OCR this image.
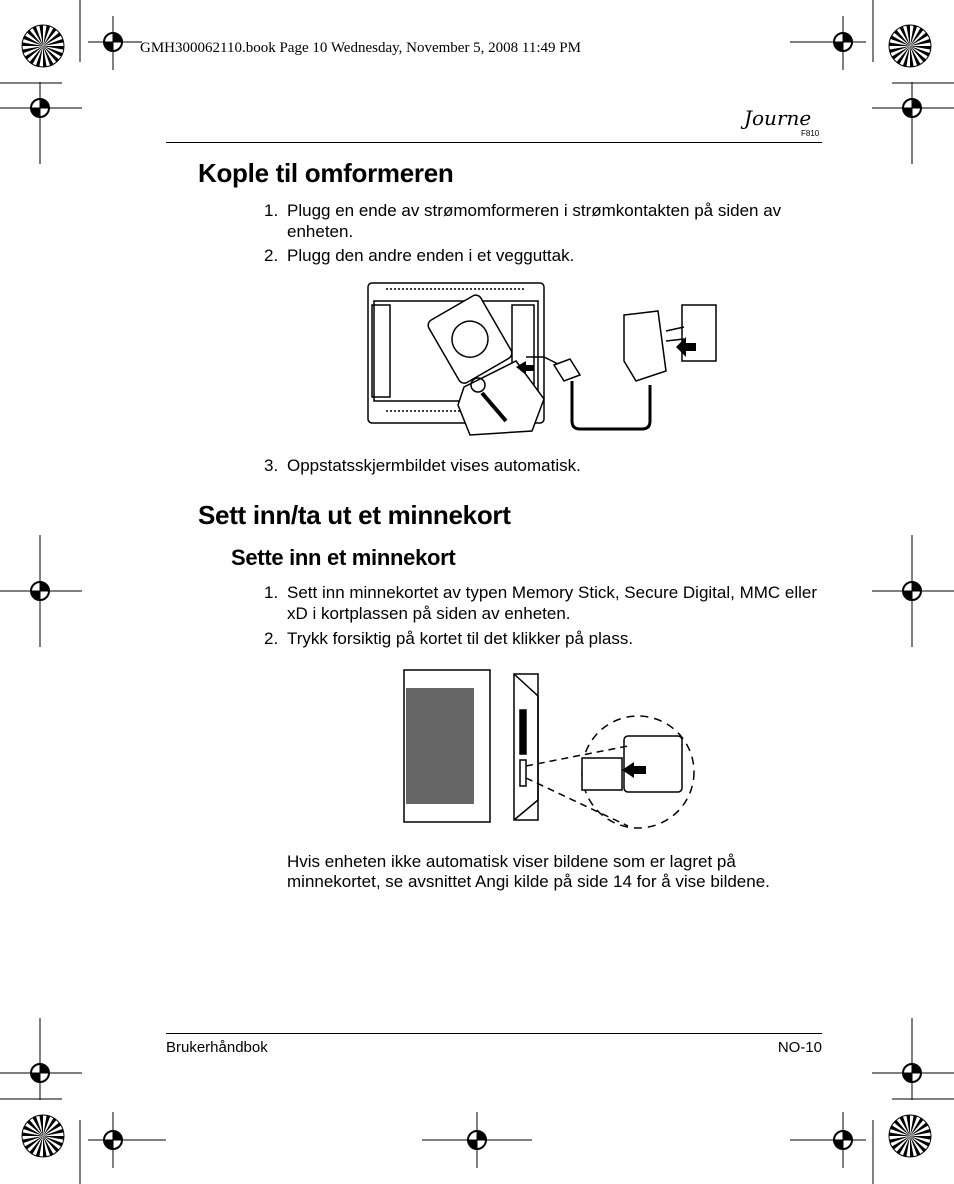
GMH300062110.book Page 10 Wednesday, November 5, 2008 11:49 PM
Journe
F810
Kople til omformeren
1. Plugg en ende av strømomformeren i strømkontakten på siden av enheten.
2. Plugg den andre enden i et vegguttak.
3. Oppstatsskjermbildet vises automatisk.
Sett inn/ta ut et minnekort
Sette inn et minnekort
1. Sett inn minnekortet av typen Memory Stick, Secure Digital, MMC eller xD i kortplassen på siden av enheten.
2. Trykk forsiktig på kortet til det klikker på plass.
Hvis enheten ikke automatisk viser bildene som er lagret på minnekortet, se avsnittet Angi kilde på side 14 for å vise bildene.
Brukerhåndbok	NO-10
